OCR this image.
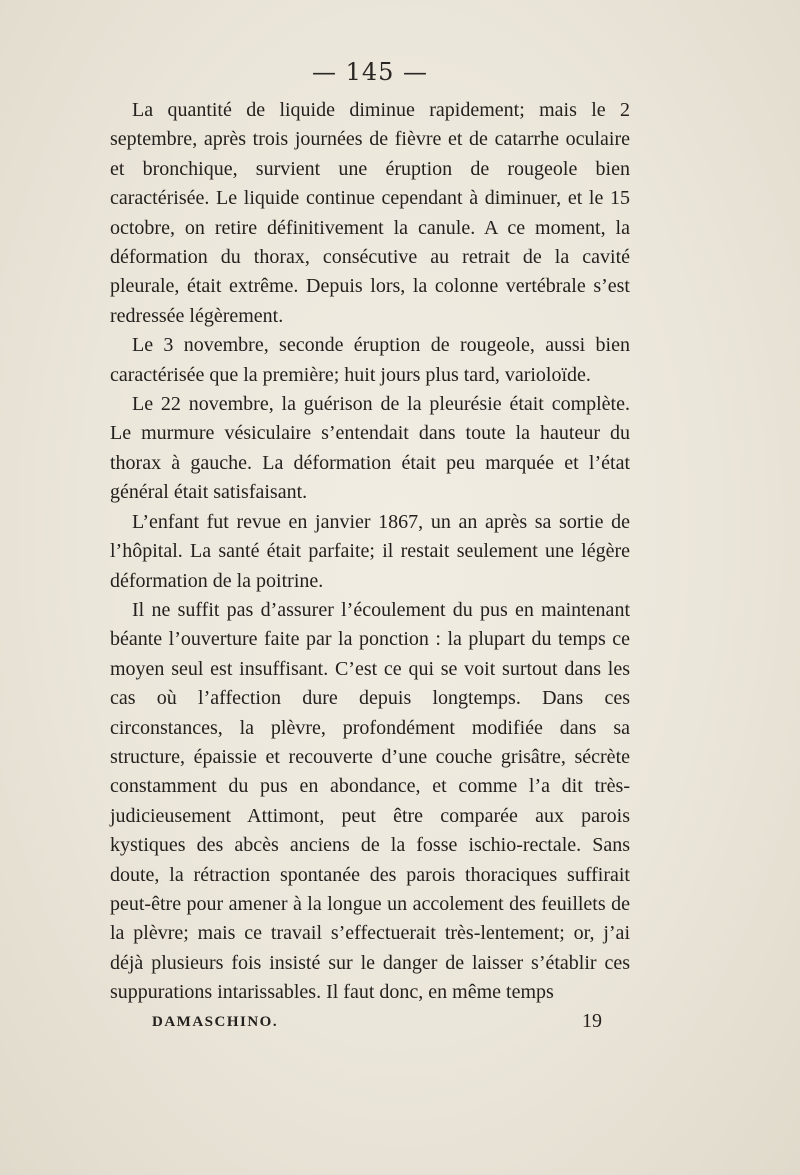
— 145 —

La quantité de liquide diminue rapidement; mais le 2 septembre, après trois journées de fièvre et de catarrhe oculaire et bronchique, survient une éruption de rougeole bien caractérisée. Le liquide continue cependant à diminuer, et le 15 octobre, on retire définitivement la canule. A ce moment, la déformation du thorax, consécutive au retrait de la cavité pleurale, était extrême. Depuis lors, la colonne vertébrale s’est redressée légèrement.

Le 3 novembre, seconde éruption de rougeole, aussi bien caractérisée que la première; huit jours plus tard, varioloïde.

Le 22 novembre, la guérison de la pleurésie était complète. Le murmure vésiculaire s’entendait dans toute la hauteur du thorax à gauche. La déformation était peu marquée et l’état général était satisfaisant.

L’enfant fut revue en janvier 1867, un an après sa sortie de l’hôpital. La santé était parfaite; il restait seulement une légère déformation de la poitrine.

Il ne suffit pas d’assurer l’écoulement du pus en maintenant béante l’ouverture faite par la ponction : la plupart du temps ce moyen seul est insuffisant. C’est ce qui se voit surtout dans les cas où l’affection dure depuis longtemps. Dans ces circonstances, la plèvre, profondément modifiée dans sa structure, épaissie et recouverte d’une couche grisâtre, sécrète constamment du pus en abondance, et comme l’a dit très-judicieusement Attimont, peut être comparée aux parois kystiques des abcès anciens de la fosse ischio-rectale. Sans doute, la rétraction spontanée des parois thoraciques suffirait peut-être pour amener à la longue un accolement des feuillets de la plèvre; mais ce travail s’effectuerait très-lentement; or, j’ai déjà plusieurs fois insisté sur le danger de laisser s’établir ces suppurations intarissables. Il faut donc, en même temps

DAMASCHINO.	19
